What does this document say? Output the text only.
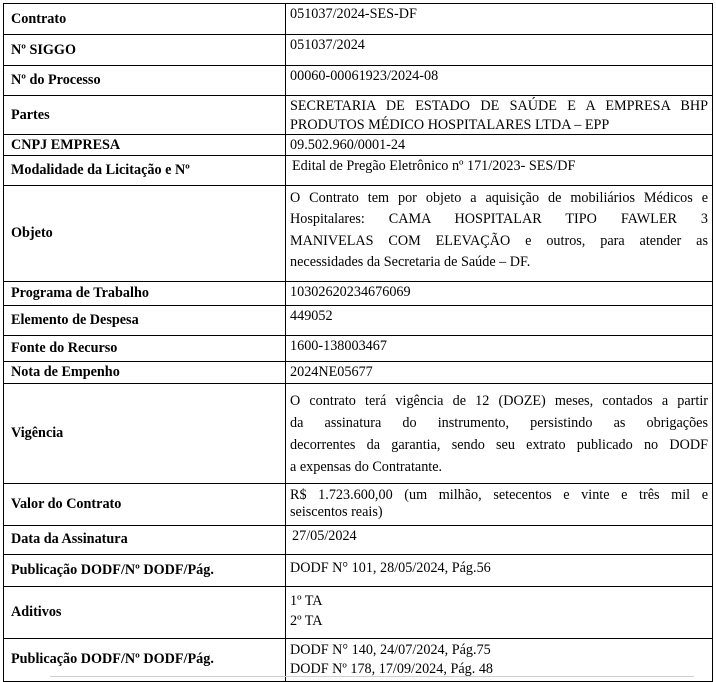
Contrato	051037/2024-SES-DF

Nº SIGGO	051037/2024

Nº do Processo	00060-00061923/2024-08

Partes	SECRETARIA DE ESTADO DE SAÚDE E A EMPRESA BHP
PRODUTOS MÉDICO HOSPITALARES LTDA – EPP

CNPJ EMPRESA	09.502.960/0001-24

Modalidade da Licitação e Nº	Edital de Pregão Eletrônico nº 171/2023- SES/DF

Objeto	O Contrato tem por objeto a aquisição de mobiliários Médicos e
Hospitalares: CAMA HOSPITALAR TIPO FAWLER 3
MANIVELAS COM ELEVAÇÃO e outros, para atender as
necessidades da Secretaria de Saúde – DF.

Programa de Trabalho	10302620234676069

Elemento de Despesa	449052

Fonte do Recurso	1600-138003467

Nota de Empenho	2024NE05677

Vigência	O contrato terá vigência de 12 (DOZE) meses, contados a partir
da assinatura do instrumento, persistindo as obrigações
decorrentes da garantia, sendo seu extrato publicado no DODF
a expensas do Contratante.

Valor do Contrato	R$ 1.723.600,00 (um milhão, setecentos e vinte e três mil e
seiscentos reais)

Data da Assinatura	27/05/2024

Publicação DODF/Nº DODF/Pág.	DODF N° 101, 28/05/2024, Pág.56

Aditivos	1º TA
2º TA

Publicação DODF/Nº DODF/Pág.	DODF N° 140, 24/07/2024, Pág.75
DODF Nº 178, 17/09/2024, Pág. 48
